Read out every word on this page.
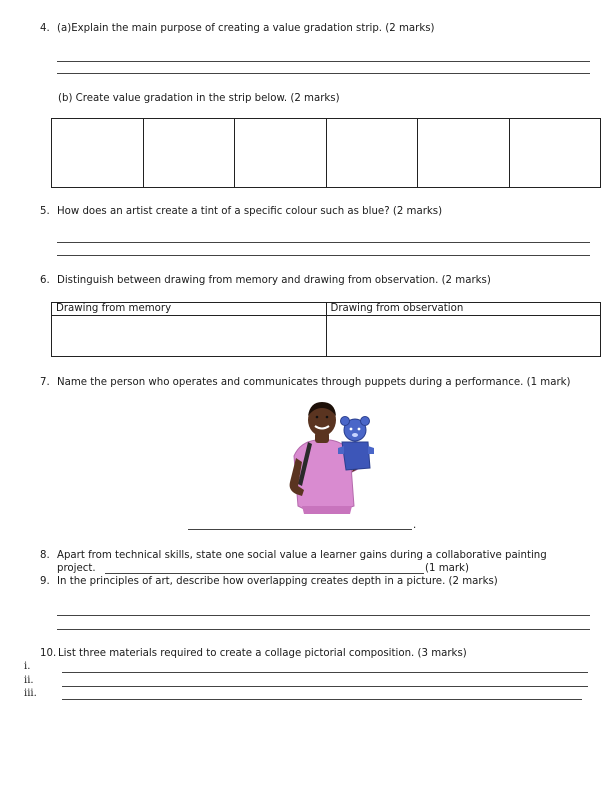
4. (a)Explain the main purpose of creating a value gradation strip. (2 marks)
(b) Create value gradation in the strip below. (2 marks)
5. How does an artist create a tint of a specific colour such as blue? (2 marks)
6. Distinguish between drawing from memory and drawing from observation. (2 marks)
Drawing from memory	Drawing from observation

7. Name the person who operates and communicates through puppets during a performance. (1 mark)
.
8. Apart from technical skills, state one social value a learner gains during a collaborative painting
project.	(1 mark)
9. In the principles of art, describe how overlapping creates depth in a picture. (2 marks)
10. List three materials required to create a collage pictorial composition. (3 marks)
i.
ii.
iii.
